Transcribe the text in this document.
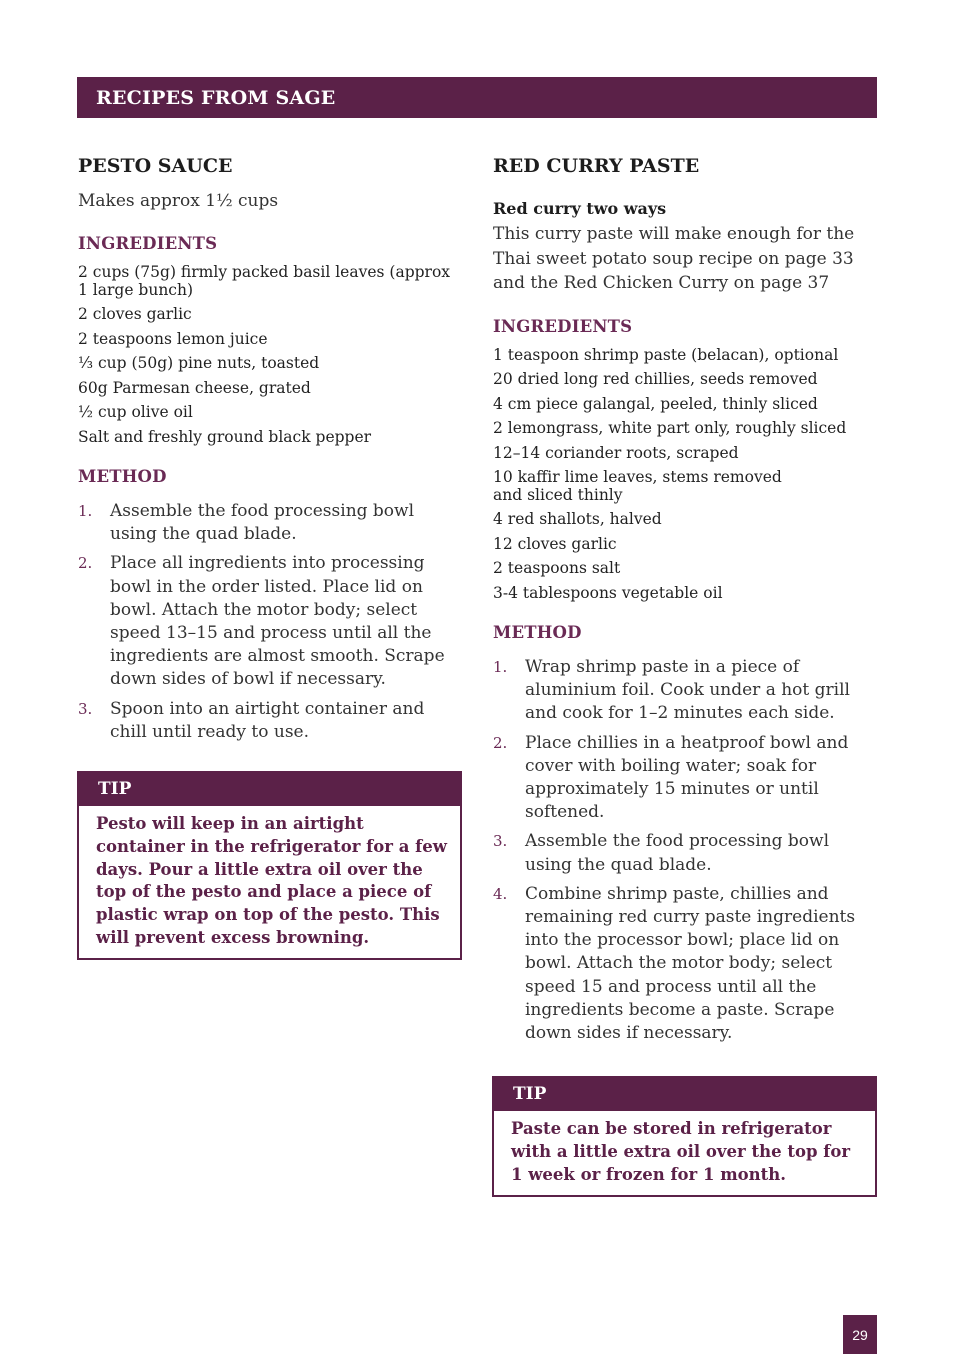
RECIPES FROM SAGE
PESTO SAUCE

Makes approx 1½ cups

INGREDIENTS
2 cups (75g) firmly packed basil leaves (approx 1 large bunch)
2 cloves garlic
2 teaspoons lemon juice
⅓ cup (50g) pine nuts, toasted
60g Parmesan cheese, grated
½ cup olive oil
Salt and freshly ground black pepper
METHOD
1. Assemble the food processing bowl using the quad blade.
2. Place all ingredients into processing bowl in the order listed. Place lid on bowl. Attach the motor body; select speed 13–15 and process until all the ingredients are almost smooth. Scrape down sides of bowl if necessary.
3. Spoon into an airtight container and chill until ready to use.
TIP
Pesto will keep in an airtight container in the refrigerator for a few days. Pour a little extra oil over the top of the pesto and place a piece of plastic wrap on top of the pesto. This will prevent excess browning.
RED CURRY PASTE

Red curry two ways

This curry paste will make enough for the Thai sweet potato soup recipe on page 33 and the Red Chicken Curry on page 37

INGREDIENTS
1 teaspoon shrimp paste (belacan), optional
20 dried long red chillies, seeds removed
4 cm piece galangal, peeled, thinly sliced
2 lemongrass, white part only, roughly sliced
12–14 coriander roots, scraped
10 kaffir lime leaves, stems removed and sliced thinly
4 red shallots, halved
12 cloves garlic
2 teaspoons salt
3-4 tablespoons vegetable oil
METHOD
1. Wrap shrimp paste in a piece of aluminium foil. Cook under a hot grill and cook for 1–2 minutes each side.
2. Place chillies in a heatproof bowl and cover with boiling water; soak for approximately 15 minutes or until softened.
3. Assemble the food processing bowl using the quad blade.
4. Combine shrimp paste, chillies and remaining red curry paste ingredients into the processor bowl; place lid on bowl. Attach the motor body; select speed 15 and process until all the ingredients become a paste. Scrape down sides if necessary.
TIP
Paste can be stored in refrigerator with a little extra oil over the top for 1 week or frozen for 1 month.
29
